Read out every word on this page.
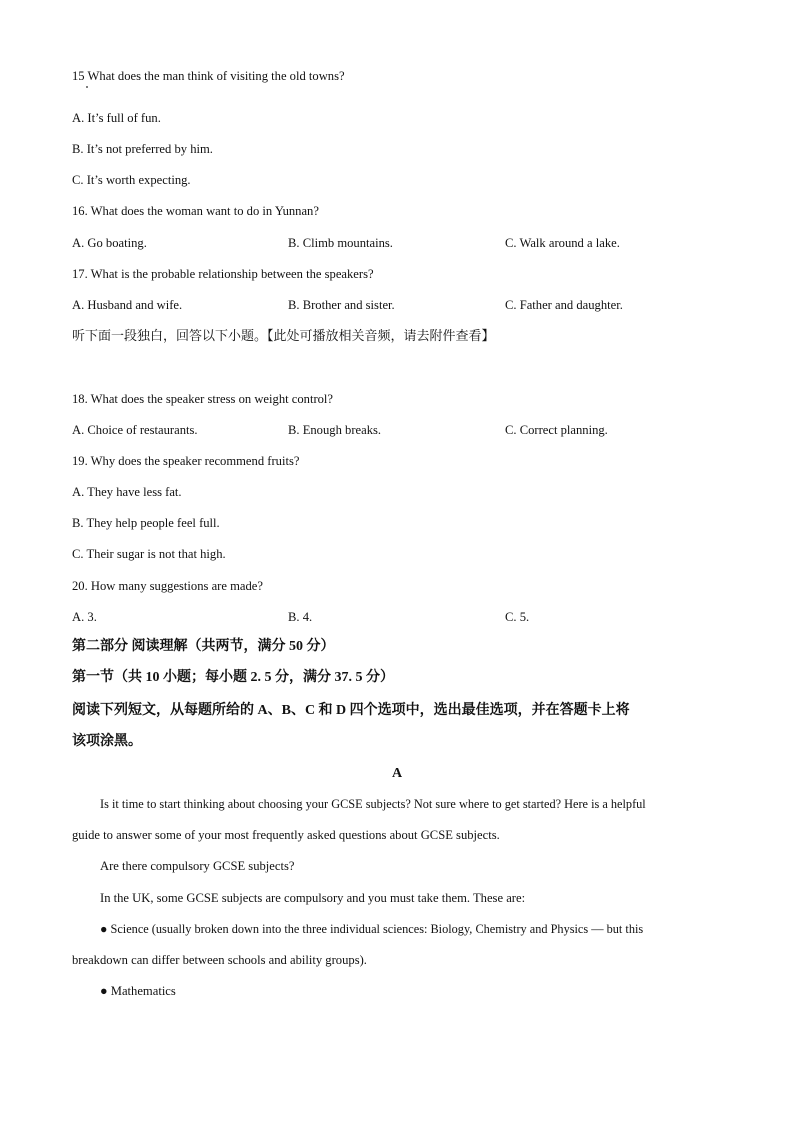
15 What does the man think of visiting the old towns?
A. It’s full of fun.
B. It’s not preferred by him.
C. It’s worth expecting.
16. What does the woman want to do in Yunnan?
A. Go boating.	B. Climb mountains.	C. Walk around a lake.
17. What is the probable relationship between the speakers?
A. Husband and wife.	B. Brother and sister.	C. Father and daughter.
听下面一段独白，回答以下小题。【此处可播放相关音频，请去附件查看】
18. What does the speaker stress on weight control?
A. Choice of restaurants.	B. Enough breaks.	C. Correct planning.
19. Why does the speaker recommend fruits?
A. They have less fat.
B. They help people feel full.
C. Their sugar is not that high.
20. How many suggestions are made?
A. 3.	B. 4.	C. 5.
第二部分 阅读理解（共两节，满分 50 分）
第一节（共 10 小题；每小题 2. 5 分，满分 37. 5 分）
阅读下列短文，从每题所给的 A、B、C 和 D 四个选项中，选出最佳选项，并在答题卡上将
该项涂黑。
A
Is it time to start thinking about choosing your GCSE subjects? Not sure where to get started? Here is a helpful
guide to answer some of your most frequently asked questions about GCSE subjects.
Are there compulsory GCSE subjects?
In the UK, some GCSE subjects are compulsory and you must take them. These are:
● Science (usually broken down into the three individual sciences: Biology, Chemistry and Physics — but this
breakdown can differ between schools and ability groups).
● Mathematics
